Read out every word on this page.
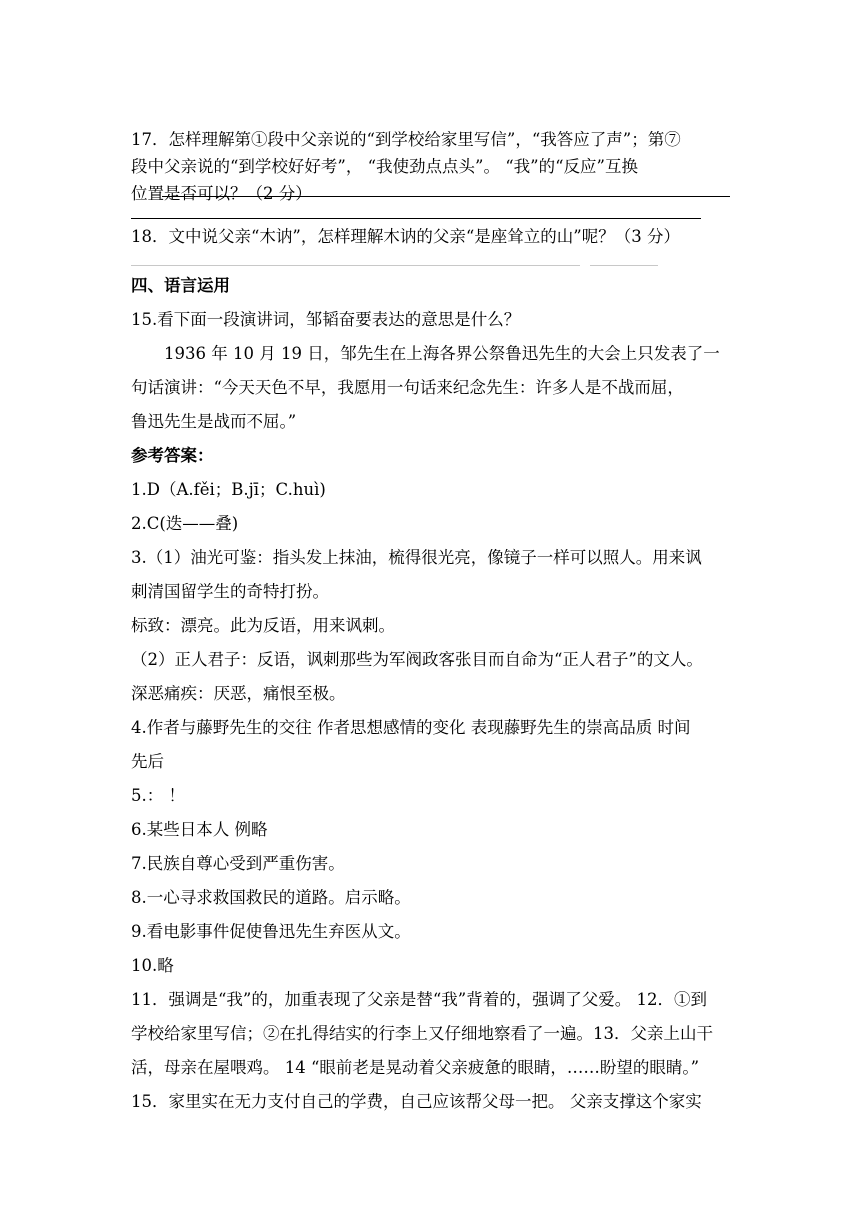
17．怎样理解第①段中父亲说的“到学校给家里写信”，“我答应了声”；第⑦
段中父亲说的“到学校好好考”， “我使劲点点头”。 “我”的“反应”互换
位置是否可以？（2 分）
18．文中说父亲“木讷”，怎样理解木讷的父亲“是座耸立的山”呢？（3 分）
四、语言运用
15.看下面一段演讲词，邹韬奋要表达的意思是什么？
1936 年 10 月 19 日，邹先生在上海各界公祭鲁迅先生的大会上只发表了一
句话演讲：“今天天色不早，我愿用一句话来纪念先生：许多人是不战而屈，
鲁迅先生是战而不屈。”
参考答案：
1.D（A.fěi；B.jī；C.huì)
2.C(迭——叠)
3.（1）油光可鉴：指头发上抹油，梳得很光亮，像镜子一样可以照人。用来讽
刺清国留学生的奇特打扮。
标致：漂亮。此为反语，用来讽刺。
（2）正人君子：反语，讽刺那些为军阀政客张目而自命为“正人君子”的文人。
深恶痛疾：厌恶，痛恨至极。
4.作者与藤野先生的交往 作者思想感情的变化 表现藤野先生的崇高品质 时间
先后
5.： ！
6.某些日本人 例略
7.民族自尊心受到严重伤害。
8.一心寻求救国救民的道路。启示略。
9.看电影事件促使鲁迅先生弃医从文。
10.略
11．强调是“我”的，加重表现了父亲是替“我”背着的，强调了父爱。 12．①到
学校给家里写信；②在扎得结实的行李上又仔细地察看了一遍。13．父亲上山干
活，母亲在屋喂鸡。 14 “眼前老是晃动着父亲疲惫的眼睛，……盼望的眼睛。”
15．家里实在无力支付自己的学费，自己应该帮父母一把。 父亲支撑这个家实
